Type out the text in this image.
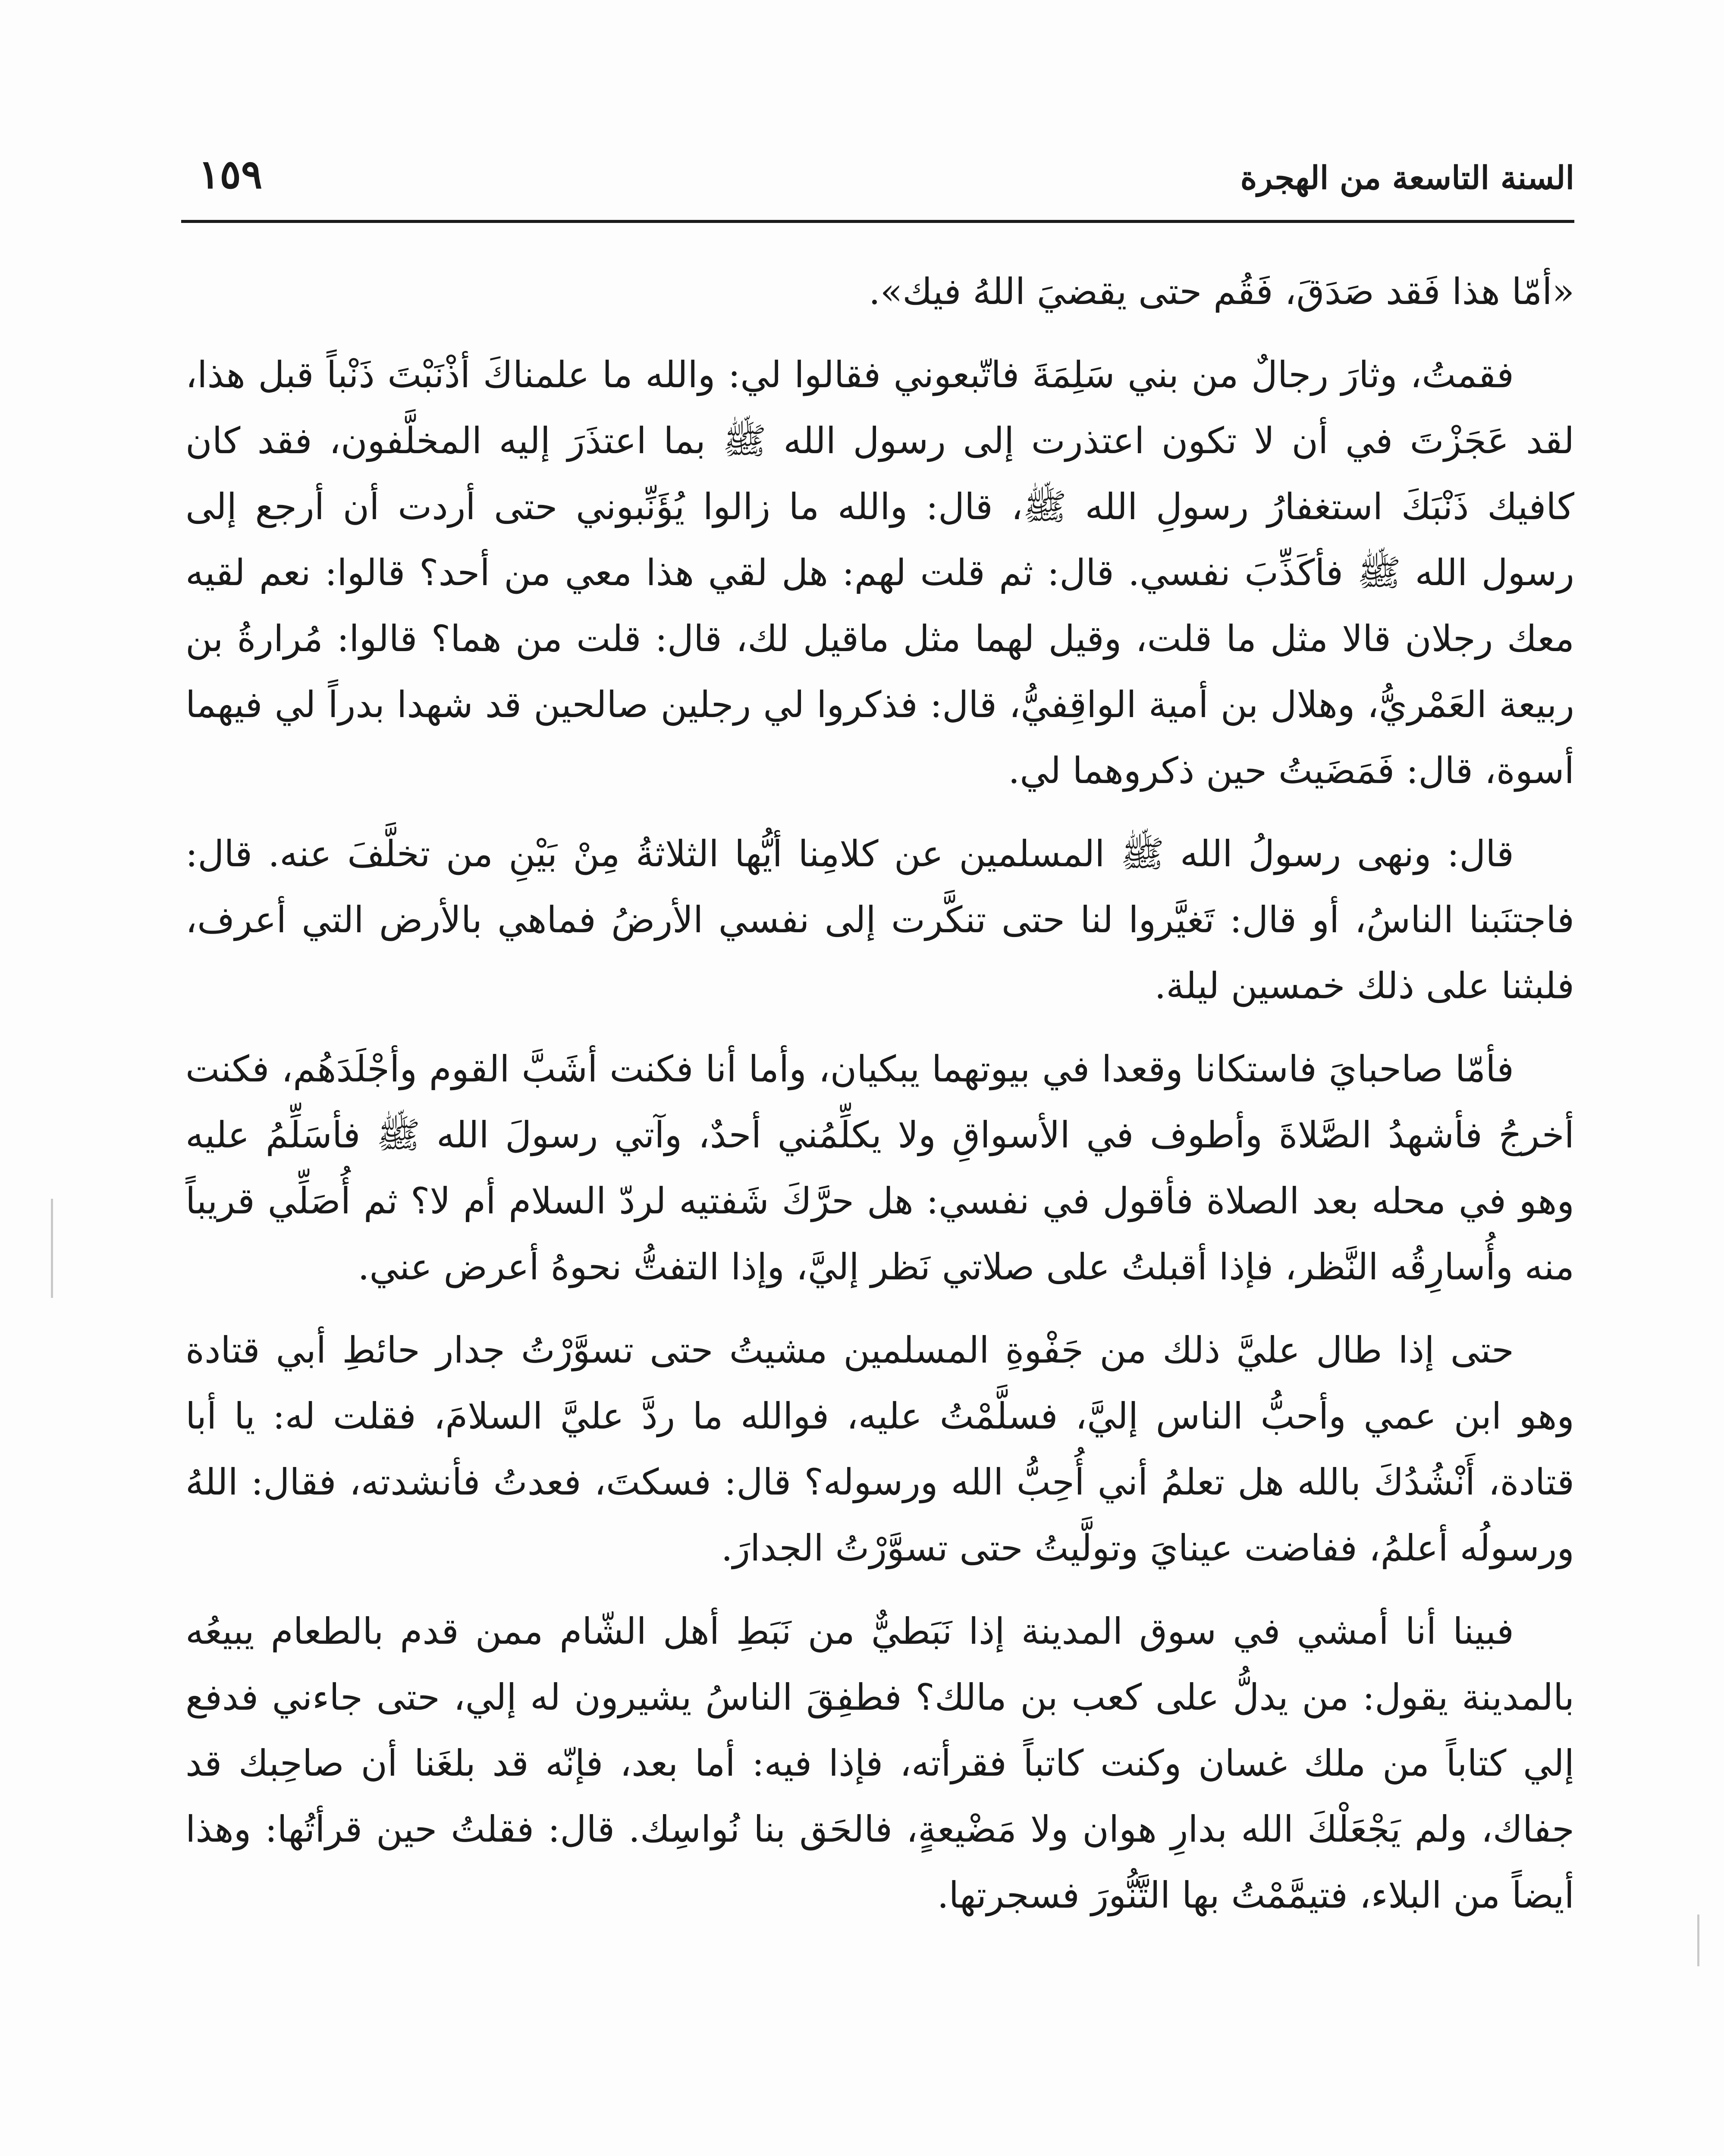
السنة التاسعة من الهجرة
١٥٩

«أمّا هذا فَقد صَدَقَ، فَقُم حتى يقضيَ اللهُ فيك».

فقمتُ، وثارَ رجالٌ من بني سَلِمَةَ فاتّبعوني فقالوا لي: والله ما علمناكَ أذْنَبْتَ ذَنْباً قبل هذا، لقد عَجَزْتَ في أن لا تكون اعتذرت إلى رسول الله ﷺ بما اعتذَرَ إليه المخلَّفون، فقد كان كافيك ذَنْبَكَ استغفارُ رسولِ الله ﷺ، قال: والله ما زالوا يُؤَنِّبوني حتى أردت أن أرجع إلى رسول الله ﷺ فأكَذِّبَ نفسي. قال: ثم قلت لهم: هل لقي هذا معي من أحد؟ قالوا: نعم لقيه معك رجلان قالا مثل ما قلت، وقيل لهما مثل ماقيل لك، قال: قلت من هما؟ قالوا: مُرارةُ بن ربيعة العَمْريُّ، وهلال بن أمية الواقِفيُّ، قال: فذكروا لي رجلين صالحين قد شهدا بدراً لي فيهما أسوة، قال: فَمَضَيتُ حين ذكروهما لي.

قال: ونهى رسولُ الله ﷺ المسلمين عن كلامِنا أيُّها الثلاثةُ مِنْ بَيْنِ من تخلَّفَ عنه. قال: فاجتنَبنا الناسُ، أو قال: تَغيَّروا لنا حتى تنكَّرت إلى نفسي الأرضُ فماهي بالأرض التي أعرف، فلبثنا على ذلك خمسين ليلة.

فأمّا صاحبايَ فاستكانا وقعدا في بيوتهما يبكيان، وأما أنا فكنت أشَبَّ القوم وأجْلَدَهُم، فكنت أخرجُ فأشهدُ الصَّلاةَ وأطوف في الأسواقِ ولا يكلِّمُني أحدٌ، وآتي رسولَ الله ﷺ فأسَلِّمُ عليه وهو في محله بعد الصلاة فأقول في نفسي: هل حرَّكَ شَفتيه لردّ السلام أم لا؟ ثم أُصَلِّي قريباً منه وأُسارِقُه النَّظر، فإذا أقبلتُ على صلاتي نَظر إليَّ، وإذا التفتُّ نحوهُ أعرض عني.

حتى إذا طال عليَّ ذلك من جَفْوةِ المسلمين مشيتُ حتى تسوَّرْتُ جدار حائطِ أبي قتادة وهو ابن عمي وأحبُّ الناس إليَّ، فسلَّمْتُ عليه، فوالله ما ردَّ عليَّ السلامَ، فقلت له: يا أبا قتادة، أَنْشُدُكَ بالله هل تعلمُ أني أُحِبُّ الله ورسوله؟ قال: فسكتَ، فعدتُ فأنشدته، فقال: اللهُ ورسولُه أعلمُ، ففاضت عينايَ وتولَّيتُ حتى تسوَّرْتُ الجدارَ.

فبينا أنا أمشي في سوق المدينة إذا نَبَطيٌّ من نَبَطِ أهل الشّام ممن قدم بالطعام يبيعُه بالمدينة يقول: من يدلُّ على كعب بن مالك؟ فطفِقَ الناسُ يشيرون له إلي، حتى جاءني فدفع إلي كتاباً من ملك غسان وكنت كاتباً فقرأته، فإذا فيه: أما بعد، فإنّه قد بلغَنا أن صاحِبك قد جفاك، ولم يَجْعَلْكَ الله بدارِ هوان ولا مَضْيعةٍ، فالحَق بنا نُواسِك. قال: فقلتُ حين قرأتُها: وهذا أيضاً من البلاء، فتيمَّمْتُ بها التَّنُّورَ فسجرتها.
